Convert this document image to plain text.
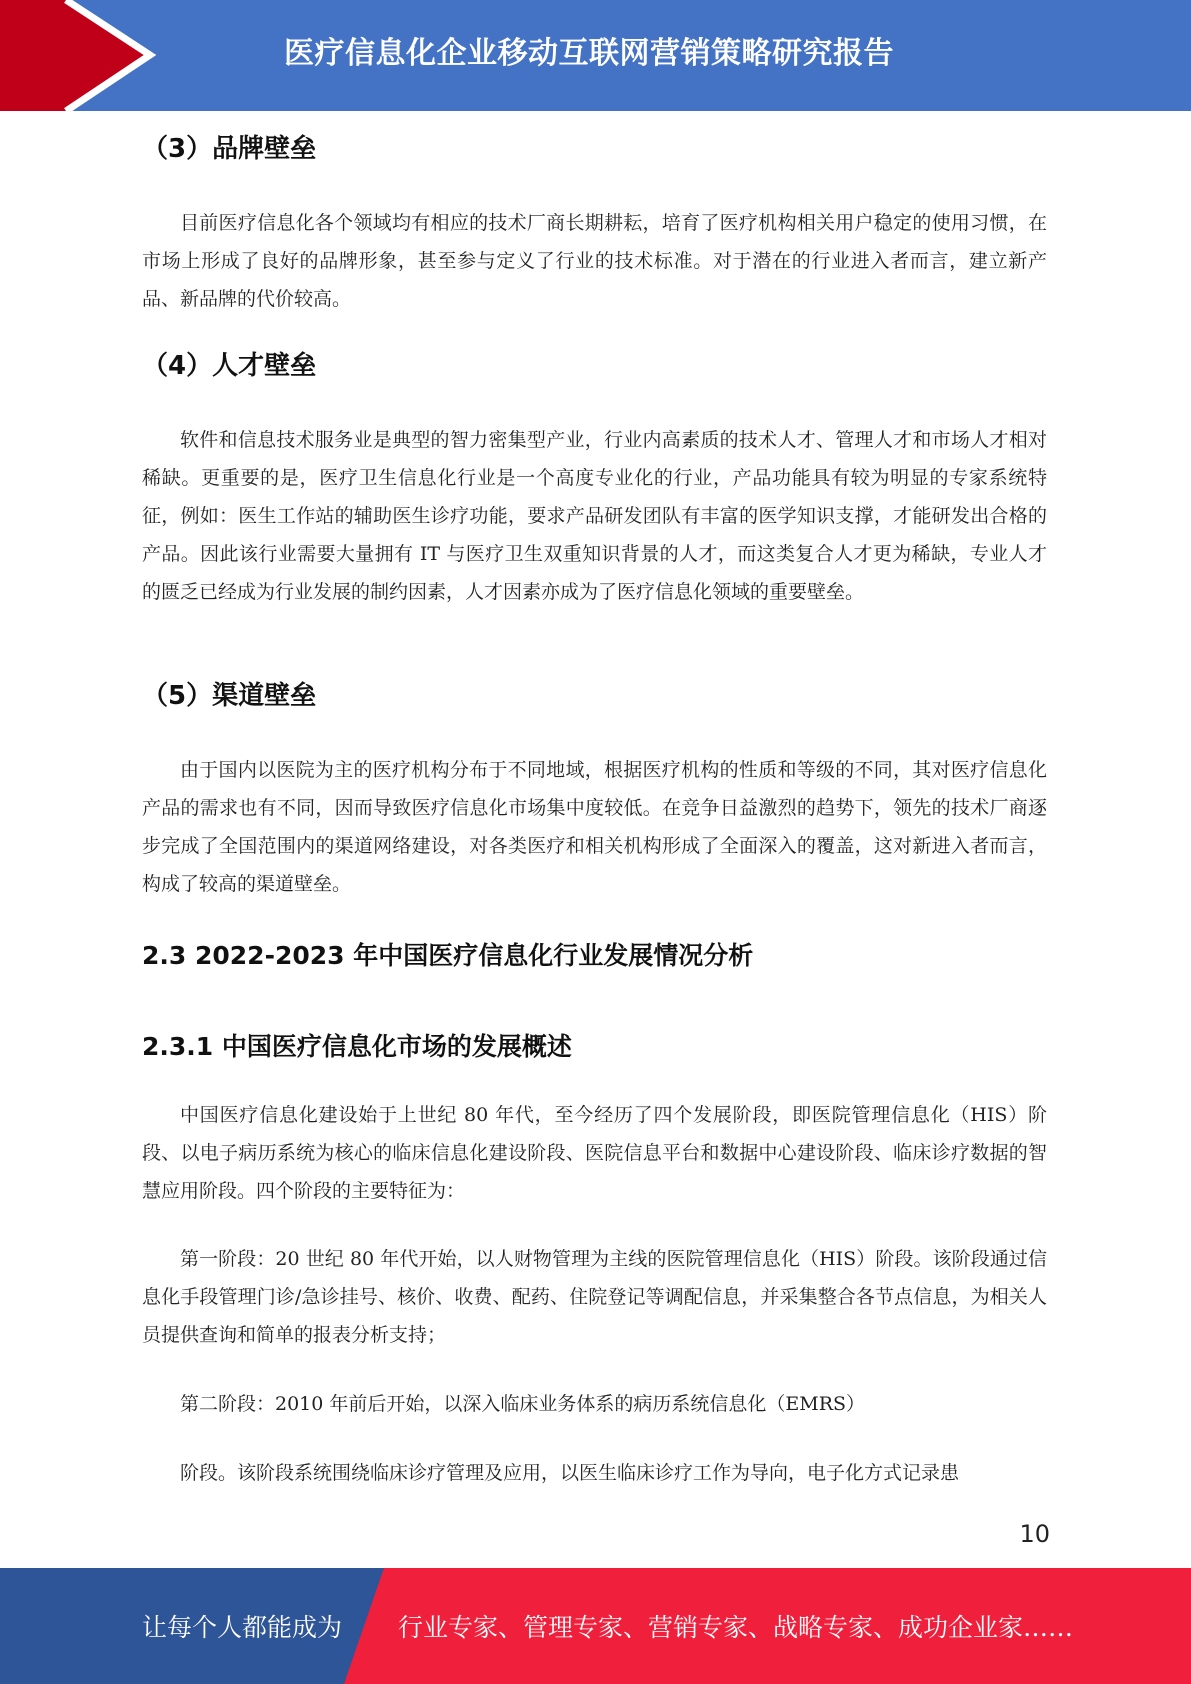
医疗信息化企业移动互联网营销策略研究报告
（3）品牌壁垒

目前医疗信息化各个领域均有相应的技术厂商长期耕耘，培育了医疗机构相关用户稳定的使用习惯，在市场上形成了良好的品牌形象，甚至参与定义了行业的技术标准。对于潜在的行业进入者而言，建立新产品、新品牌的代价较高。

（4）人才壁垒

软件和信息技术服务业是典型的智力密集型产业，行业内高素质的技术人才、管理人才和市场人才相对稀缺。更重要的是，医疗卫生信息化行业是一个高度专业化的行业，产品功能具有较为明显的专家系统特征，例如：医生工作站的辅助医生诊疗功能，要求产品研发团队有丰富的医学知识支撑，才能研发出合格的产品。因此该行业需要大量拥有 IT 与医疗卫生双重知识背景的人才，而这类复合人才更为稀缺，专业人才的匮乏已经成为行业发展的制约因素，人才因素亦成为了医疗信息化领域的重要壁垒。

（5）渠道壁垒

由于国内以医院为主的医疗机构分布于不同地域，根据医疗机构的性质和等级的不同，其对医疗信息化产品的需求也有不同，因而导致医疗信息化市场集中度较低。在竞争日益激烈的趋势下，领先的技术厂商逐步完成了全国范围内的渠道网络建设，对各类医疗和相关机构形成了全面深入的覆盖，这对新进入者而言，构成了较高的渠道壁垒。

2.3 2022-2023 年中国医疗信息化行业发展情况分析
2.3.1 中国医疗信息化市场的发展概述

中国医疗信息化建设始于上世纪 80 年代，至今经历了四个发展阶段，即医院管理信息化（HIS）阶段、以电子病历系统为核心的临床信息化建设阶段、医院信息平台和数据中心建设阶段、临床诊疗数据的智慧应用阶段。四个阶段的主要特征为：

第一阶段：20 世纪 80 年代开始，以人财物管理为主线的医院管理信息化（HIS）阶段。该阶段通过信息化手段管理门诊/急诊挂号、核价、收费、配药、住院登记等调配信息，并采集整合各节点信息，为相关人员提供查询和简单的报表分析支持；

第二阶段：2010 年前后开始，以深入临床业务体系的病历系统信息化（EMRS）

阶段。该阶段系统围绕临床诊疗管理及应用，以医生临床诊疗工作为导向，电子化方式记录患

10
让每个人都能成为 行业专家、管理专家、营销专家、战略专家、成功企业家……
